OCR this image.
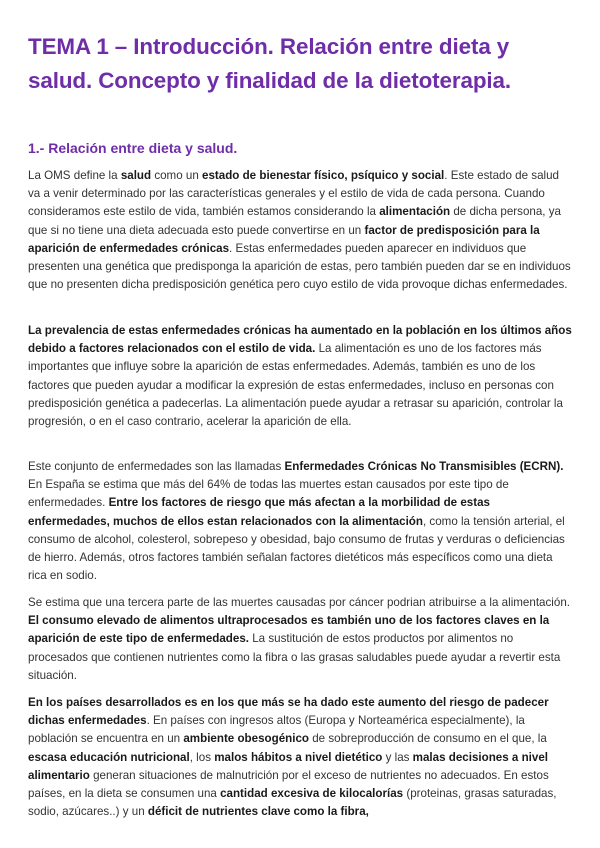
TEMA 1 – Introducción. Relación entre dieta y salud. Concepto y finalidad de la dietoterapia.
1.- Relación entre dieta y salud.

La OMS define la salud como un estado de bienestar físico, psíquico y social. Este estado de salud va a venir determinado por las características generales y el estilo de vida de cada persona. Cuando consideramos este estilo de vida, también estamos considerando la alimentación de dicha persona, ya que si no tiene una dieta adecuada esto puede convertirse en un factor de predisposición para la aparición de enfermedades crónicas. Estas enfermedades pueden aparecer en individuos que presenten una genética que predisponga la aparición de estas, pero también pueden dar se en individuos que no presenten dicha predisposición genética pero cuyo estilo de vida provoque dichas enfermedades.

La prevalencia de estas enfermedades crónicas ha aumentado en la población en los últimos años debido a factores relacionados con el estilo de vida. La alimentación es uno de los factores más importantes que influye sobre la aparición de estas enfermedades. Además, también es uno de los factores que pueden ayudar a modificar la expresión de estas enfermedades, incluso en personas con predisposición genética a padecerlas. La alimentación puede ayudar a retrasar su aparición, controlar la progresión, o en el caso contrario, acelerar la aparición de ella.

Este conjunto de enfermedades son las llamadas Enfermedades Crónicas No Transmisibles (ECRN). En España se estima que más del 64% de todas las muertes estan causados por este tipo de enfermedades. Entre los factores de riesgo que más afectan a la morbilidad de estas enfermedades, muchos de ellos estan relacionados con la alimentación, como la tensión arterial, el consumo de alcohol, colesterol, sobrepeso y obesidad, bajo consumo de frutas y verduras o deficiencias de hierro. Además, otros factores también señalan factores dietéticos más específicos como una dieta rica en sodio.

Se estima que una tercera parte de las muertes causadas por cáncer podrian atribuirse a la alimentación. El consumo elevado de alimentos ultraprocesados es también uno de los factores claves en la aparición de este tipo de enfermedades. La sustitución de estos productos por alimentos no procesados que contienen nutrientes como la fibra o las grasas saludables puede ayudar a revertir esta situación.

En los países desarrollados es en los que más se ha dado este aumento del riesgo de padecer dichas enfermedades. En países con ingresos altos (Europa y Norteamérica especialmente), la población se encuentra en un ambiente obesogénico de sobreproducción de consumo en el que, la escasa educación nutricional, los malos hábitos a nivel dietético y las malas decisiones a nivel alimentario generan situaciones de malnutrición por el exceso de nutrientes no adecuados. En estos países, en la dieta se consumen una cantidad excesiva de kilocalorías (proteinas, grasas saturadas, sodio, azúcares..) y un déficit de nutrientes clave como la fibra,
